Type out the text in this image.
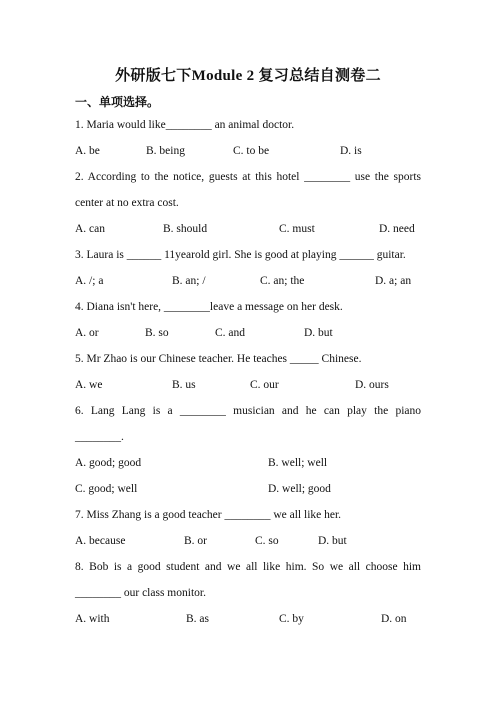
外研版七下Module 2 复习总结自测卷二
一、单项选择。
1. Maria would like________ an animal doctor.
A. be	B. being	C. to be	D. is
2. According to the notice, guests at this hotel ________ use the sports
center at no extra cost.
A. can	B. should	C. must	D. need
3. Laura is ______ 11yearold girl. She is good at playing ______ guitar.
A. /; a	B. an; /	C. an; the	D. a; an
4. Diana isn't here, ________leave a message on her desk.
A. or	B. so	C. and	D. but
5. Mr Zhao is our Chinese teacher. He teaches _____ Chinese.
A. we	B. us	C. our	D. ours
6. Lang Lang is a ________ musician and he can play the piano
________.
A. good; good	B. well; well
C. good; well	D. well; good
7. Miss Zhang is a good teacher ________ we all like her.
A. because	B. or	C. so	D. but
8. Bob is a good student and we all like him. So we all choose him
________ our class monitor.
A. with	B. as	C. by	D. on
